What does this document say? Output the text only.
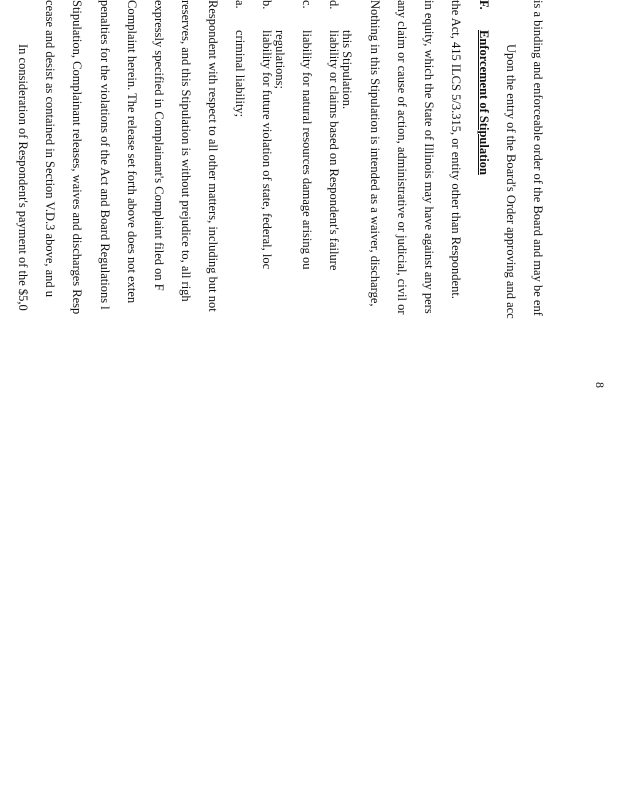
In consideration of Respondent's payment of the $5,0 cease and desist as contained in Section V.D.3 above, and u Stipulation, Complainant releases, waives and discharges Resp penalties for the violations of the Act and Board Regulations l Complaint herein. The release set forth above does not exten expressly specified in Complainant's Complaint filed on F reserves, and this Stipulation is without prejudice to, all righ Respondent with respect to all other matters, including but not a.
criminal liability;
b.
liability for future violation of state, federal, loc regulations;
c.
liability for natural resources damage arising ou
d.
liability or claims based on Respondent's failure this Stipulation. Nothing in this Stipulation is intended as a waiver, discharge, any claim or cause of action, administrative or judicial, civil or in equity, which the State of Illinois may have against any pers the Act, 415 ILCS 5/3.315, or entity other than Respondent. F.
Enforcement of Stipulation Upon the entry of the Board's Order approving and acc is a binding and enforceable order of the Board and may be enf
8
